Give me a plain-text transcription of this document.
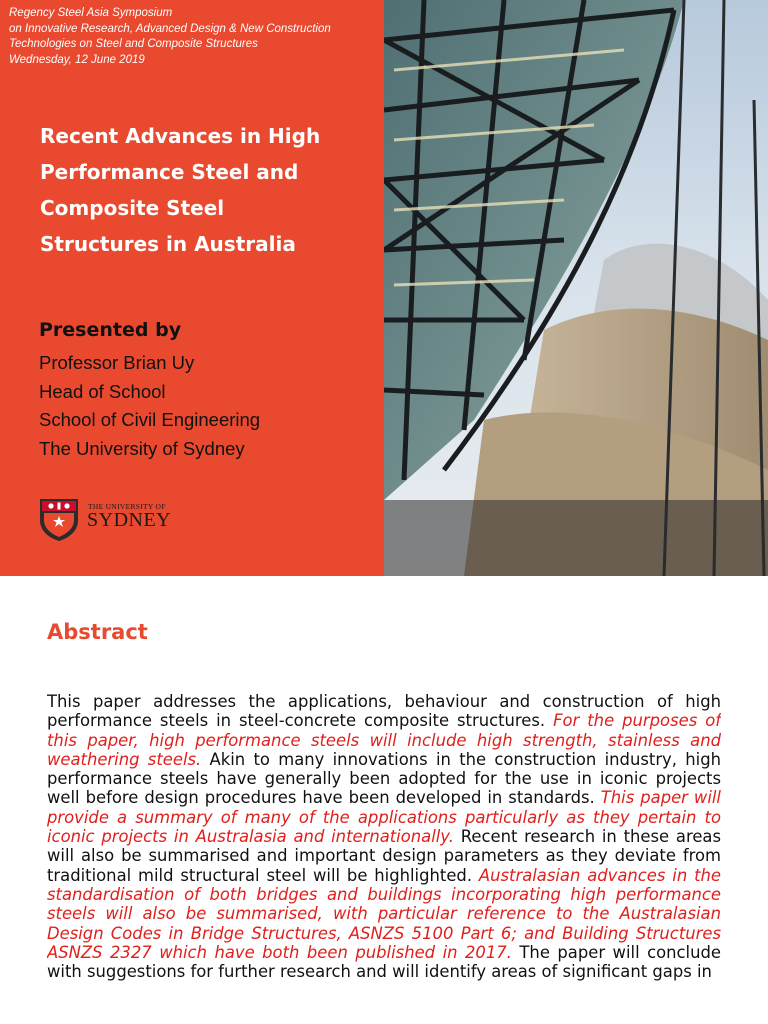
Regency Steel Asia Symposium
on Innovative Research, Advanced Design & New Construction
Technologies on Steel and Composite Structures
Wednesday, 12 June 2019
Recent Advances in High
Performance Steel and
Composite Steel
Structures in Australia
Presented by
Professor Brian Uy
Head of School
School of Civil Engineering
The University of Sydney
THE UNIVERSITY OF
SYDNEY
Abstract
This paper addresses the applications, behaviour and construction of high performance steels in steel-concrete composite structures. For the purposes of this paper, high performance steels will include high strength, stainless and weathering steels. Akin to many innovations in the construction industry, high performance steels have generally been adopted for the use in iconic projects well before design procedures have been developed in standards. This paper will provide a summary of many of the applications particularly as they pertain to iconic projects in Australasia and internationally. Recent research in these areas will also be summarised and important design parameters as they deviate from traditional mild structural steel will be highlighted. Australasian advances in the standardisation of both bridges and buildings incorporating high performance steels will also be summarised, with particular reference to the Australasian Design Codes in Bridge Structures, ASNZS 5100 Part 6; and Building Structures ASNZS 2327 which have both been published in 2017. The paper will conclude with suggestions for further research and will identify areas of significant gaps in
